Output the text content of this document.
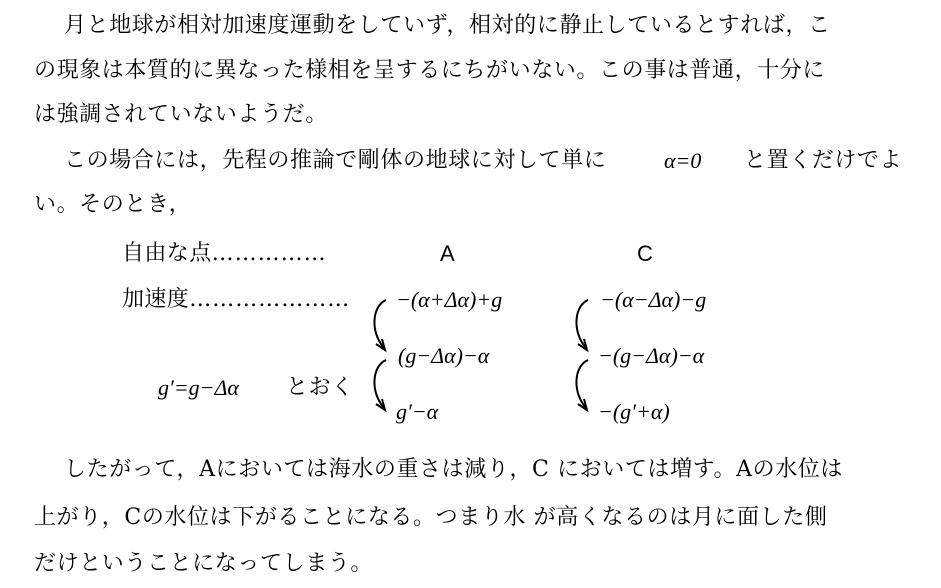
月と地球が相対加速度運動をしていず，相対的に静止しているとすれば，こ
の現象は本質的に異なった様相を呈するにちがいない。この事は普通，十分に
は強調されていないようだ。
この場合には，先程の推論で剛体の地球に対して単に	α=0 と置くだけでよ
い。そのとき，
A	C
自由な点……………
加速度…………………
g′=g−Δα とおく
−(α+Δα)+g
(g−Δα)−α
g′−α
−(α−Δα)−g
−(g−Δα)−α
−(g′+α)
したがって，Aにおいては海水の重さは減り，C においては増す。Aの水位は
上がり，Cの水位は下がることになる。つまり水 が高くなるのは月に面した側
だけということになってしまう。
